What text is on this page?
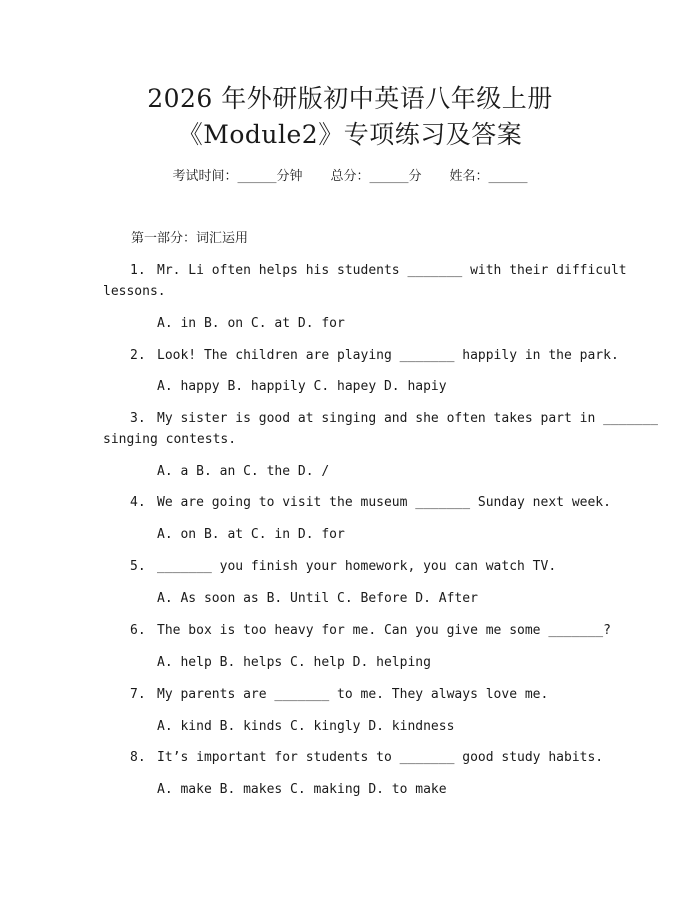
2026 年外研版初中英语八年级上册
《Module2》专项练习及答案
考试时间：______分钟 总分：______分 姓名：______
第一部分：词汇运用
1. Mr. Li often helps his students _______ with their difficult
lessons.
A. in B. on C. at D. for
2. Look! The children are playing _______ happily in the park.
A. happy B. happily C. hapey D. hapiy
3. My sister is good at singing and she often takes part in _______
singing contests.
A. a B. an C. the D. /
4. We are going to visit the museum _______ Sunday next week.
A. on B. at C. in D. for
5. _______ you finish your homework, you can watch TV.
A. As soon as B. Until C. Before D. After
6. The box is too heavy for me. Can you give me some _______?
A. help B. helps C. help D. helping
7. My parents are _______ to me. They always love me.
A. kind B. kinds C. kingly D. kindness
8. It’s important for students to _______ good study habits.
A. make B. makes C. making D. to make
